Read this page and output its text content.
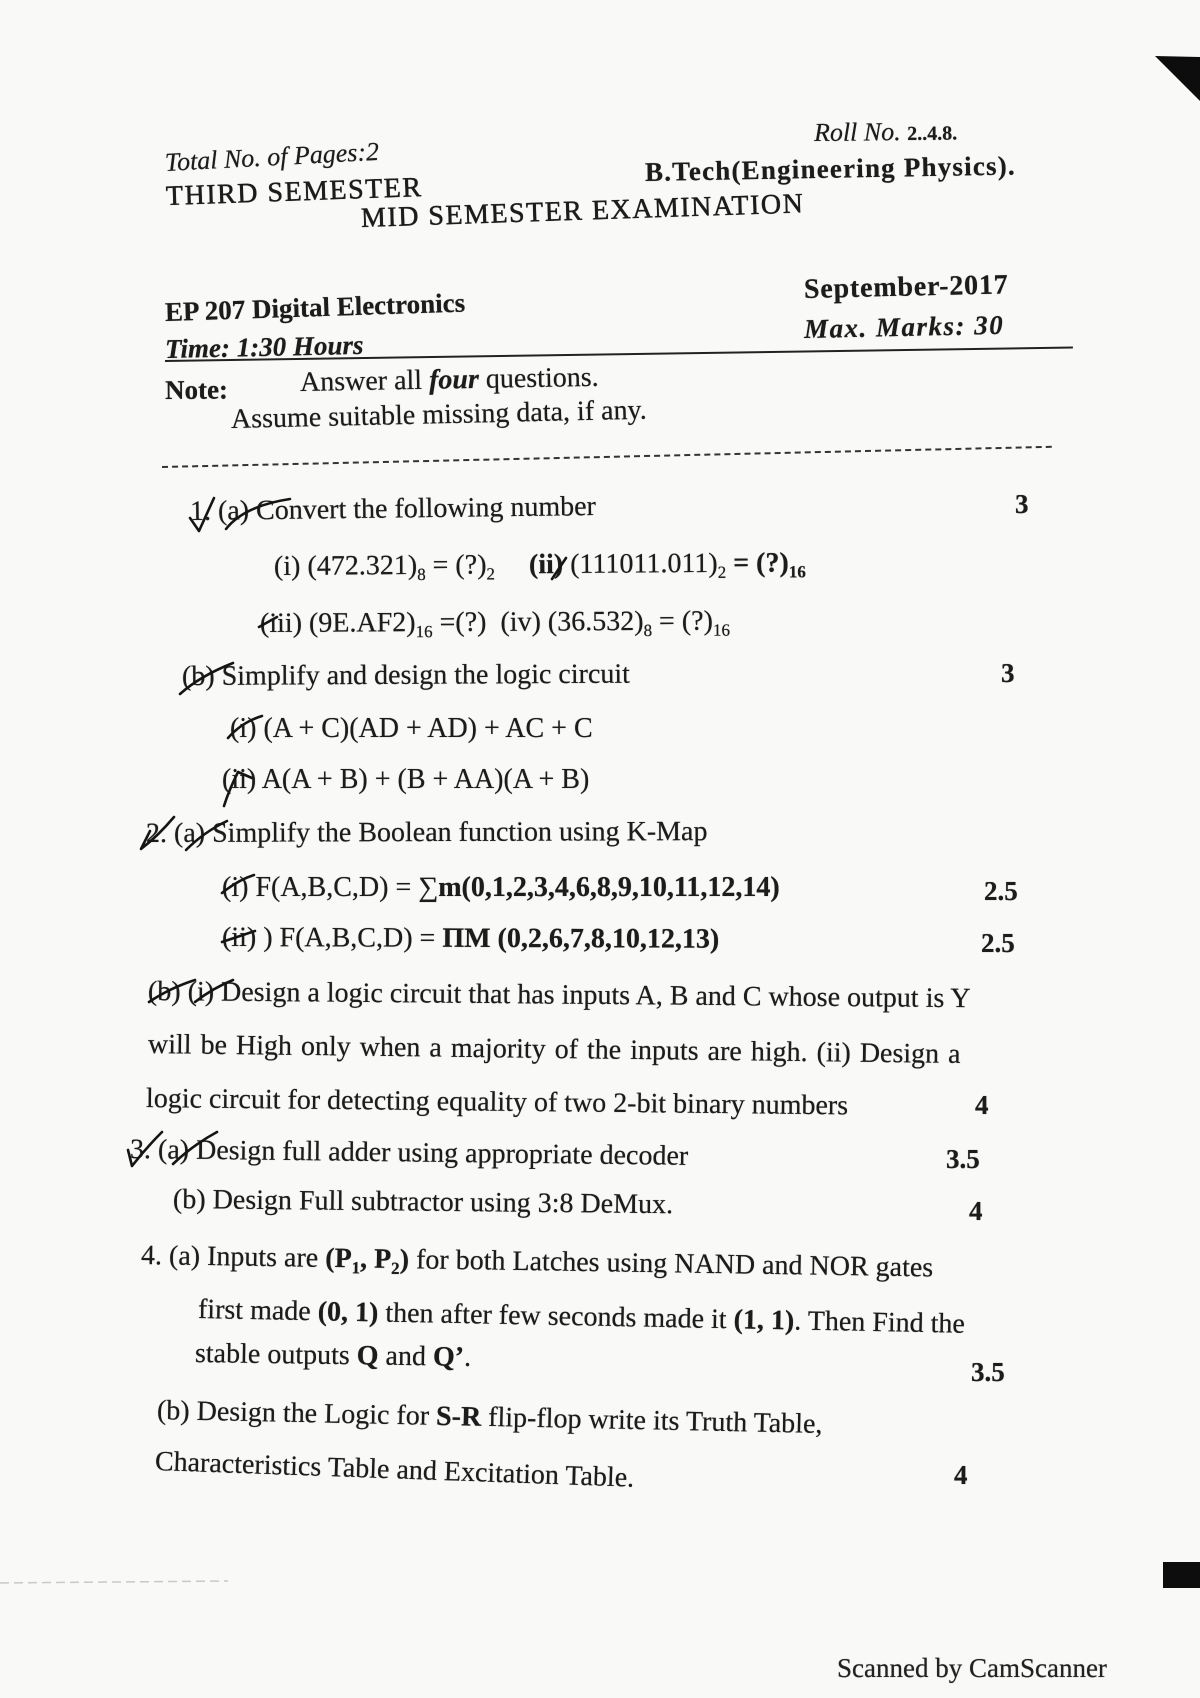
Roll No. 2..4.8.
Total No. of Pages:2	B.Tech(Engineering Physics).
THIRD SEMESTER
MID SEMESTER EXAMINATION
September-2017
EP 207 Digital Electronics	Max. Marks: 30
Time: 1:30 Hours
Note:	Answer all four questions.
Assume suitable missing data, if any.
1. (a) Convert the following number	3
(i) $(472.321)_8$ = $(?)_2$ (ii) $(111011.011)_2$ = $(?)_{16}$
(iii) $(9E.AF2)_{16}$ =(?) (iv) $(36.532)_8$ = $(?)_{16}$
(b) Simplify and design the logic circuit	3
(i) (A + C)(AD + AD) + AC + C
(ii) A(A + B) + (B + AA)(A + B)
2. (a) Simplify the Boolean function using K-Map
(i) F(A,B,C,D) = ∑m(0,1,2,3,4,6,8,9,10,11,12,14)	2.5
(ii) ) F(A,B,C,D) = ΠM (0,2,6,7,8,10,12,13)	2.5
(b) (i) Design a logic circuit that has inputs A, B and C whose output is Y
will be High only when a majority of the inputs are high. (ii) Design a
logic circuit for detecting equality of two 2-bit binary numbers	4
3. (a) Design full adder using appropriate decoder	3.5
(b) Design Full subtractor using 3:8 DeMux.	4
4. (a) Inputs are ($P_1$, $P_2$) for both Latches using NAND and NOR gates
first made (0, 1) then after few seconds made it (1, 1). Then Find the
stable outputs Q and Q’.	3.5
(b) Design the Logic for S-R flip-flop write its Truth Table,
Characteristics Table and Excitation Table.	4
Scanned by CamScanner
